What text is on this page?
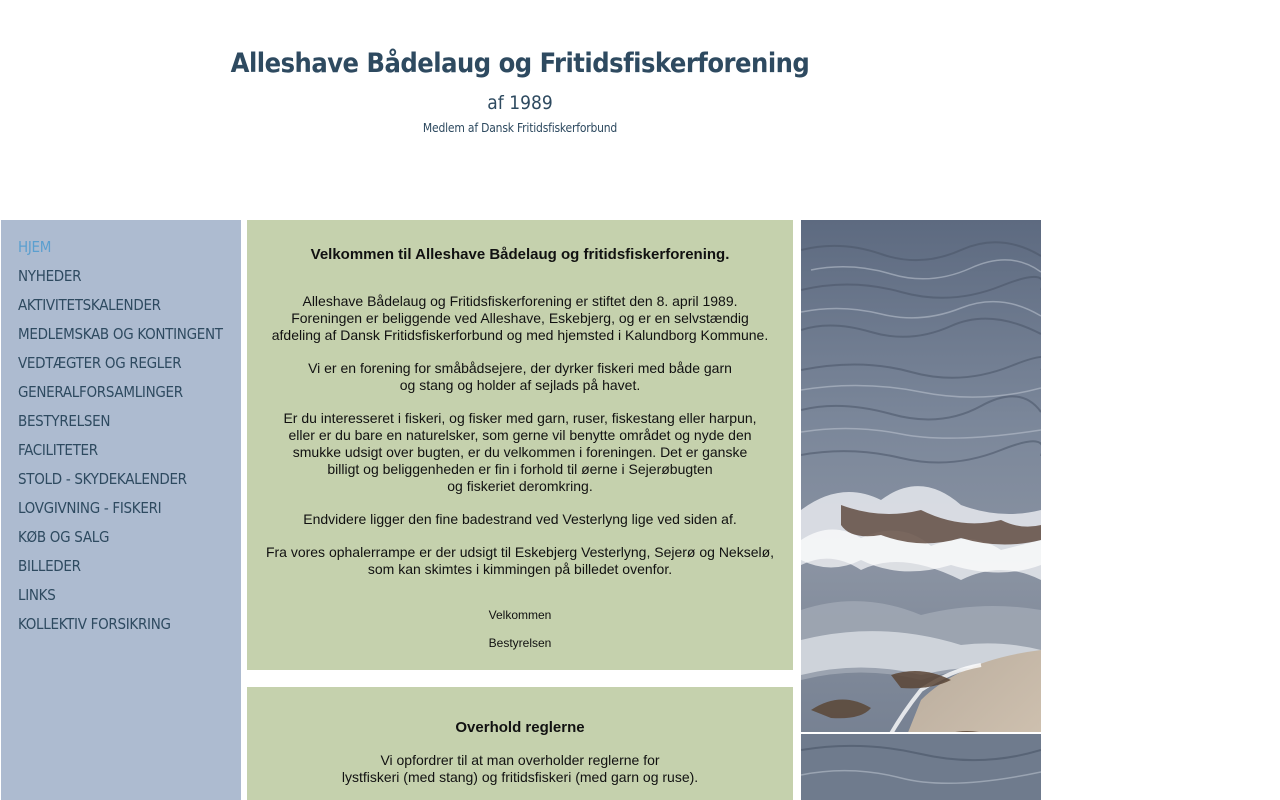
Alleshave Bådelaug og Fritidsfiskerforening
af 1989
Medlem af Dansk Fritidsfiskerforbund
HJEM
NYHEDER
AKTIVITETSKALENDER
MEDLEMSKAB OG KONTINGENT
VEDTÆGTER OG REGLER
GENERALFORSAMLINGER
BESTYRELSEN
FACILITETER
STOLD - SKYDEKALENDER
LOVGIVNING - FISKERI
KØB OG SALG
BILLEDER
LINKS
KOLLEKTIV FORSIKRING
Velkommen til Alleshave Bådelaug og fritidsfiskerforening.

Alleshave Bådelaug og Fritidsfiskerforening er stiftet den 8. april 1989.
Foreningen er beliggende ved Alleshave, Eskebjerg, og er en selvstændig
afdeling af Dansk Fritidsfiskerforbund og med hjemsted i Kalundborg Kommune.

Vi er en forening for småbådsejere, der dyrker fiskeri med både garn
og stang og holder af sejlads på havet.

Er du interesseret i fiskeri, og fisker med garn, ruser, fiskestang eller harpun,
eller er du bare en naturelsker, som gerne vil benytte området og nyde den
smukke udsigt over bugten, er du velkommen i foreningen. Det er ganske
billigt og beliggenheden er fin i forhold til øerne i Sejerøbugten
og fiskeriet deromkring.

Endvidere ligger den fine badestrand ved Vesterlyng lige ved siden af.

Fra vores ophalerrampe er der udsigt til Eskebjerg Vesterlyng, Sejerø og Nekselø,
som kan skimtes i kimmingen på billedet ovenfor.

Velkommen
Bestyrelsen
Overhold reglerne

Vi opfordrer til at man overholder reglerne for
lystfiskeri (med stang) og fritidsfiskeri (med garn og ruse).
